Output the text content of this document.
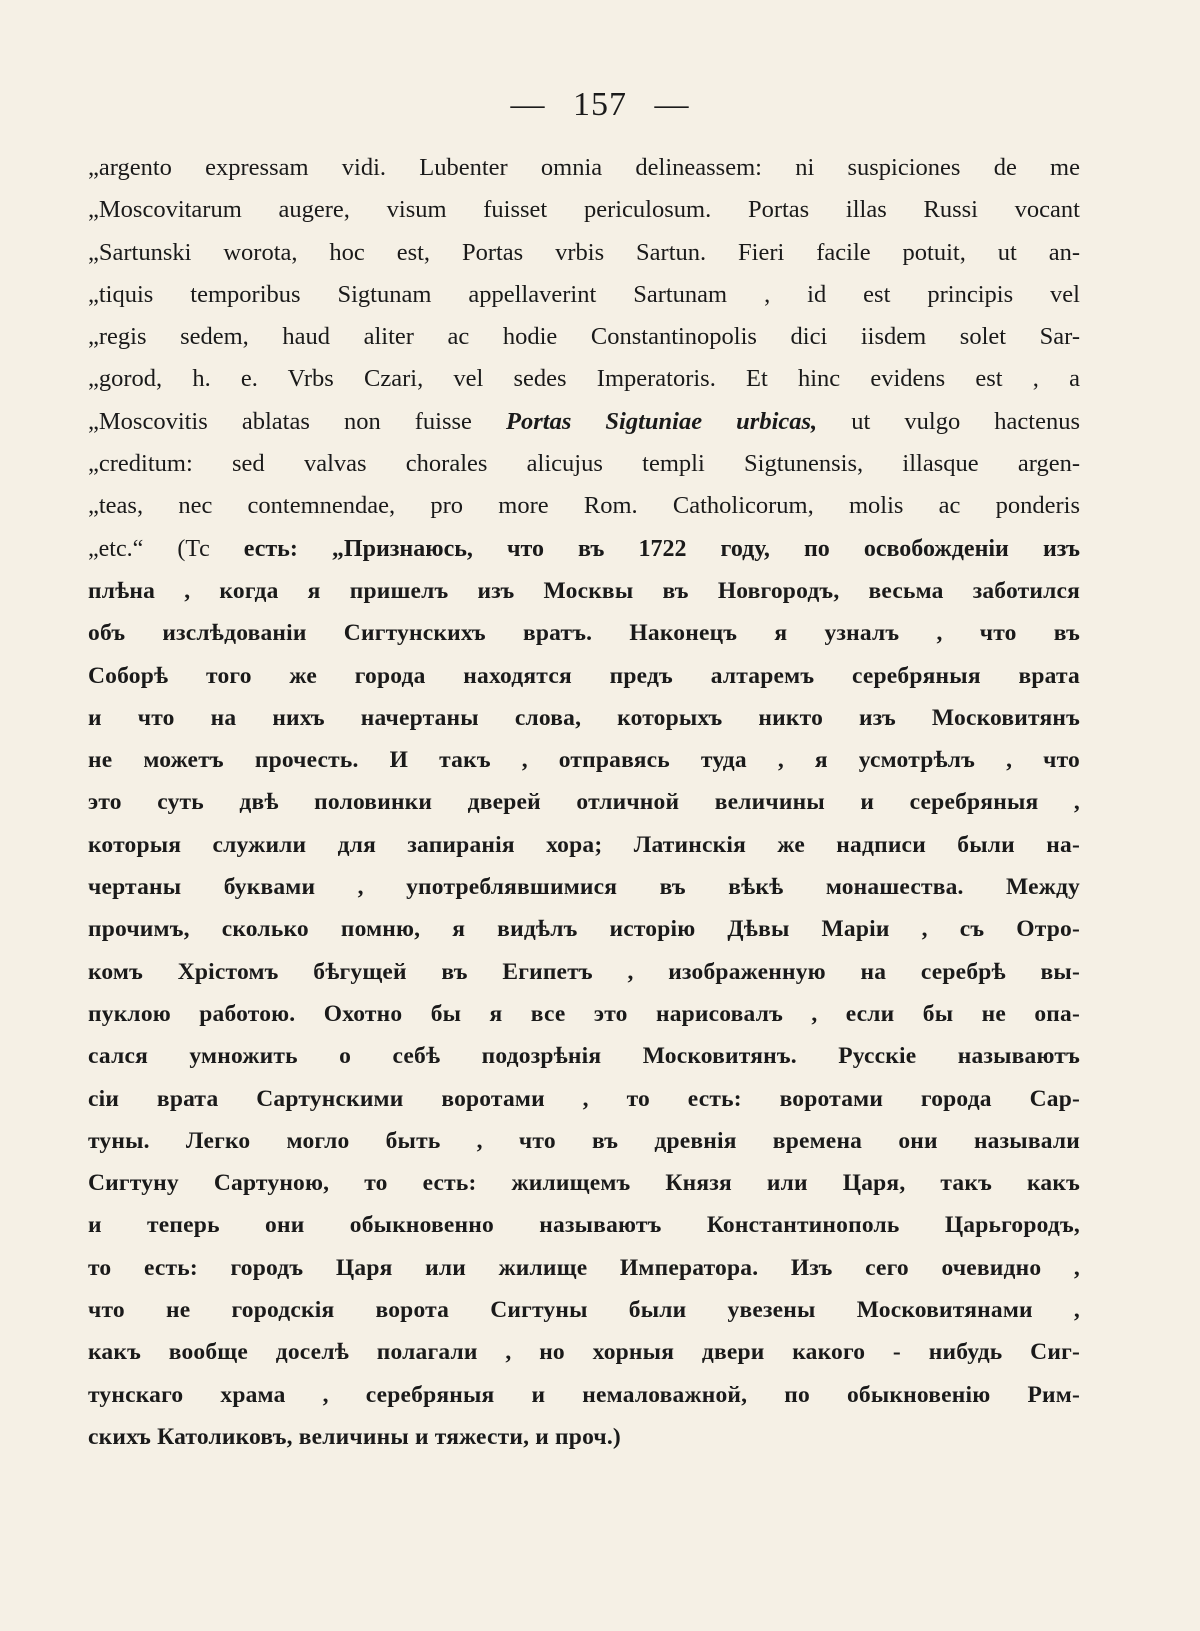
— 157 —
„argento expressam vidi. Lubenter omnia delineassem: ni suspiciones de me
„Moscovitarum augere, visum fuisset periculosum. Portas illas Russi vocant
„Sartunski worota, hoc est, Portas vrbis Sartun. Fieri facile potuit, ut an-
„tiquis temporibus Sigtunam appellaverint Sartunam , id est principis vel
„regis sedem, haud aliter ac hodie Constantinopolis dici iisdem solet Sar-
„gorod, h. e. Vrbs Czari, vel sedes Imperatoris. Et hinc evidens est , a
„Moscovitis ablatas non fuisse Portas Sigtuniae urbicas, ut vulgo hactenus
„creditum: sed valvas chorales alicujus templi Sigtunensis, illasque argen-
„teas, nec contemnendae, pro more Rom. Catholicorum, molis ac ponderis
„etc.“ (Тс есть: „Признаюсь, что въ 1722 году, по освобожденіи изъ
плѣна , когда я пришелъ изъ Москвы въ Новгородъ, весьма заботился
объ изслѣдованіи Сигтунскихъ вратъ. Наконецъ я узналъ , что въ
Соборѣ того же города находятся предъ алтаремъ серебряныя врата
и что на нихъ начертаны слова, которыхъ никто изъ Московитянъ
не можетъ прочесть. И такъ , отправясь туда , я усмотрѣлъ , что
это суть двѣ половинки дверей отличной величины и серебряныя ,
которыя служили для запиранія хора; Латинскія же надписи были на-
чертаны буквами , употреблявшимися въ вѣкѣ монашества. Между
прочимъ, сколько помню, я видѣлъ исторію Дѣвы Маріи , съ Отро-
комъ Хрістомъ бѣгущей въ Египетъ , изображенную на серебрѣ вы-
пуклою работою. Охотно бы я все это нарисовалъ , если бы не опа-
сался умножить о себѣ подозрѣнія Московитянъ. Русскіе называютъ
сіи врата Сартунскими воротами , то есть: воротами города Сар-
туны. Легко могло быть , что въ древнія времена они называли
Сигтуну Сартуною, то есть: жилищемъ Князя или Царя, такъ какъ
и теперь они обыкновенно называютъ Константинополь Царьгородъ,
то есть: городъ Царя или жилище Императора. Изъ сего очевидно ,
что не городскія ворота Сигтуны были увезены Московитянами ,
какъ вообще доселѣ полагали , но хорныя двери какого - нибудь Сиг-
тунскаго храма , серебряныя и немаловажной, по обыкновенію Рим-
скихъ Католиковъ, величины и тяжести, и проч.)
